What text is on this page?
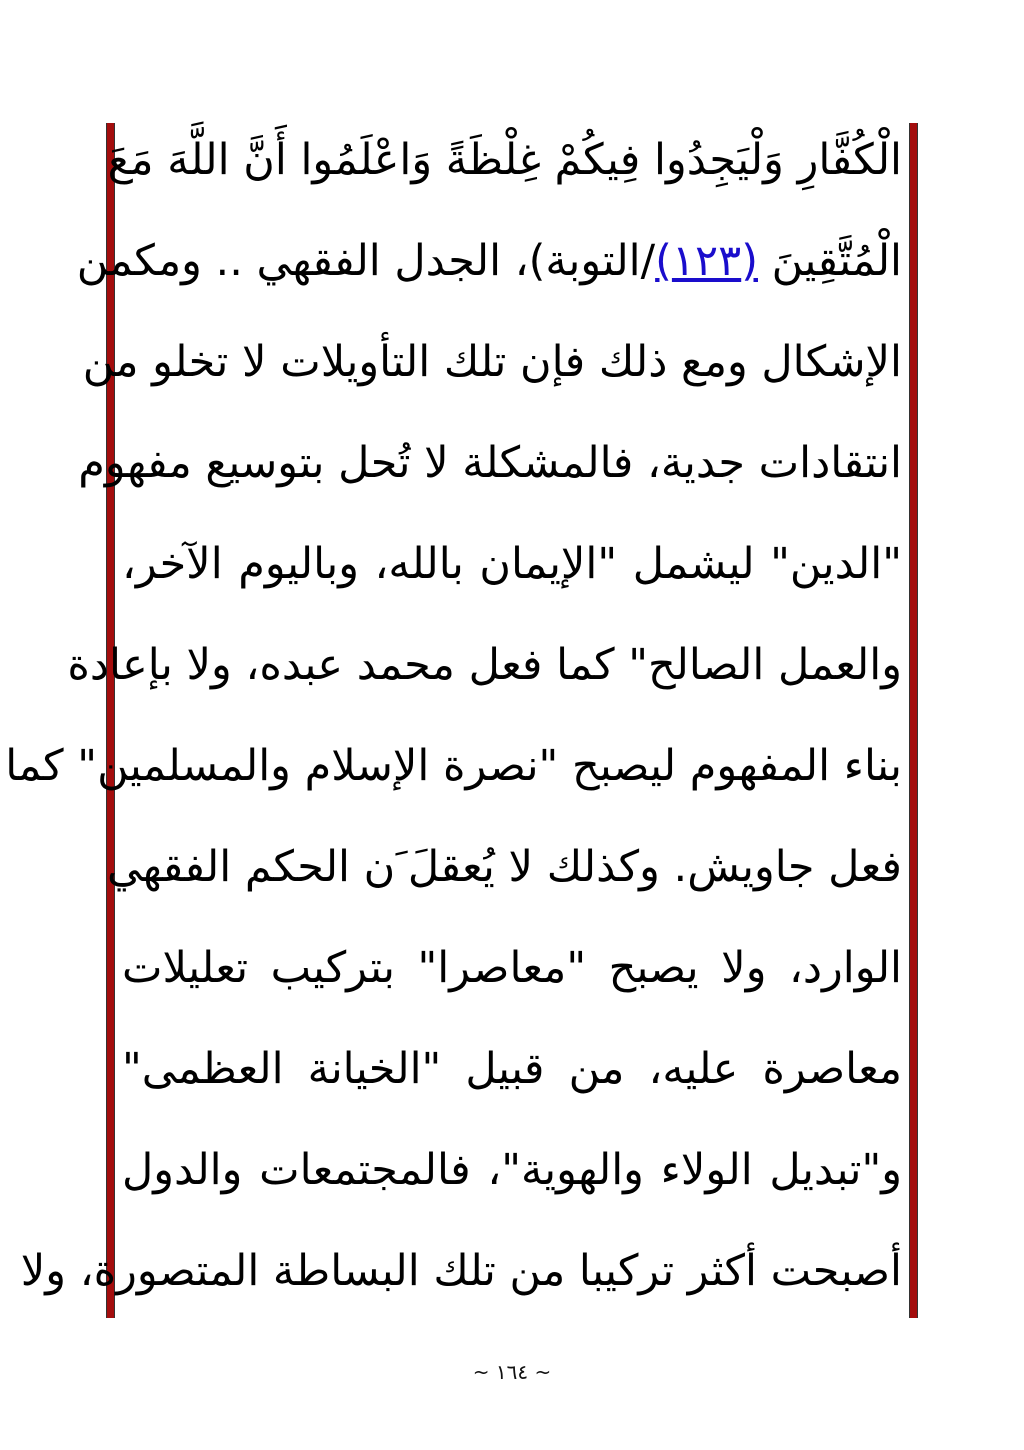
الْكُفَّارِ وَلْيَجِدُوا فِيكُمْ غِلْظَةً وَاعْلَمُوا أَنَّ اللَّهَ مَعَ
الْمُتَّقِينَ (١٢٣)/التوبة)، الجدل الفقهي .. ومكمن
الإشكال ومع ذلك فإن تلك التأويلات لا تخلو من
انتقادات جدية، فالمشكلة لا تُحل بتوسيع مفهوم
"الدين" ليشمل "الإيمان بالله، وباليوم الآخر،
والعمل الصالح" كما فعل محمد عبده، ولا بإعادة
بناء المفهوم ليصبح "نصرة الإسلام والمسلمين" كما
فعل جاويش. وكذلك لا يُعقلَ َن الحكم الفقهي
الوارد، ولا يصبح "معاصرا" بتركيب تعليلات
معاصرة عليه، من قبيل "الخيانة العظمى"
و"تبديل الولاء والهوية"، فالمجتمعات والدول
أصبحت أكثر تركيبا من تلك البساطة المتصورة، ولا
~ ١٦٤ ~
